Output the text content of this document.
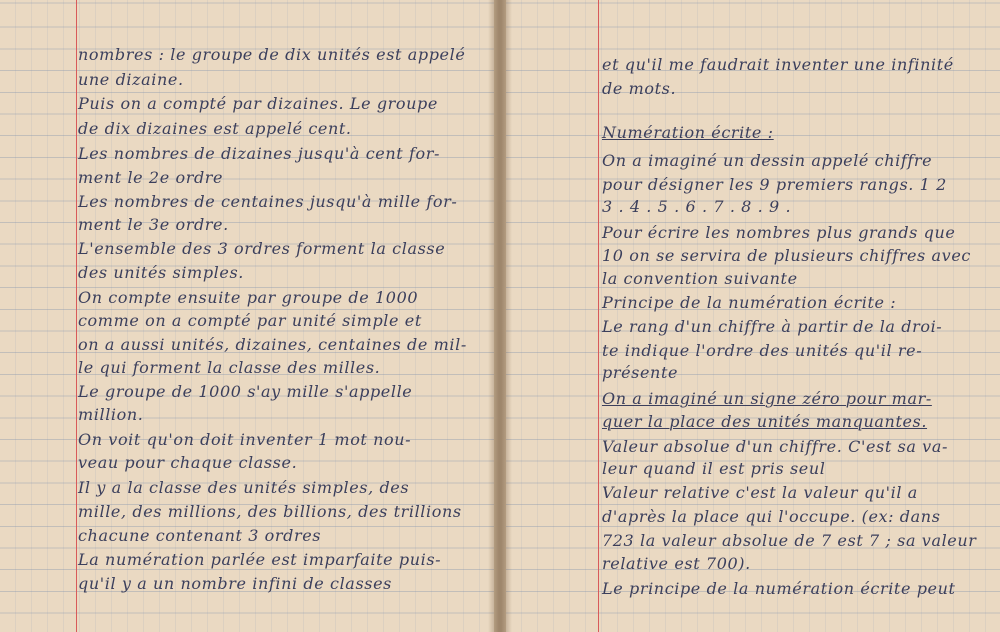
nombres : le groupe de dix unités est appelé

une dizaine.

Puis on a compté par dizaines. Le groupe

de dix dizaines est appelé cent.

Les nombres de dizaines jusqu'à cent for-

ment le 2e ordre

Les nombres de centaines jusqu'à mille for-

ment le 3e ordre.

L'ensemble des 3 ordres forment la classe

des unités simples.

On compte ensuite par groupe de 1000

comme on a compté par unité simple et

on a aussi unités, dizaines, centaines de mil-

le qui forment la classe des milles.

Le groupe de 1000 s'ay mille s'appelle

million.

On voit qu'on doit inventer 1 mot nou-

veau pour chaque classe.

Il y a la classe des unités simples, des

mille, des millions, des billions, des trillions

chacune contenant 3 ordres

La numération parlée est imparfaite puis-

qu'il y a un nombre infini de classes

et qu'il me faudrait inventer une infinité

de mots.

Numération écrite :

On a imaginé un dessin appelé chiffre

pour désigner les 9 premiers rangs. 1 2

3 . 4 . 5 . 6 . 7 . 8 . 9 .

Pour écrire les nombres plus grands que

10 on se servira de plusieurs chiffres avec

la convention suivante

Principe de la numération écrite :

Le rang d'un chiffre à partir de la droi-

te indique l'ordre des unités qu'il re-

présente

On a imaginé un signe zéro pour mar-

quer la place des unités manquantes.

Valeur absolue d'un chiffre. C'est sa va-

leur quand il est pris seul

Valeur relative c'est la valeur qu'il a

d'après la place qui l'occupe. (ex: dans

723 la valeur absolue de 7 est 7 ; sa valeur

relative est 700).

Le principe de la numération écrite peut
